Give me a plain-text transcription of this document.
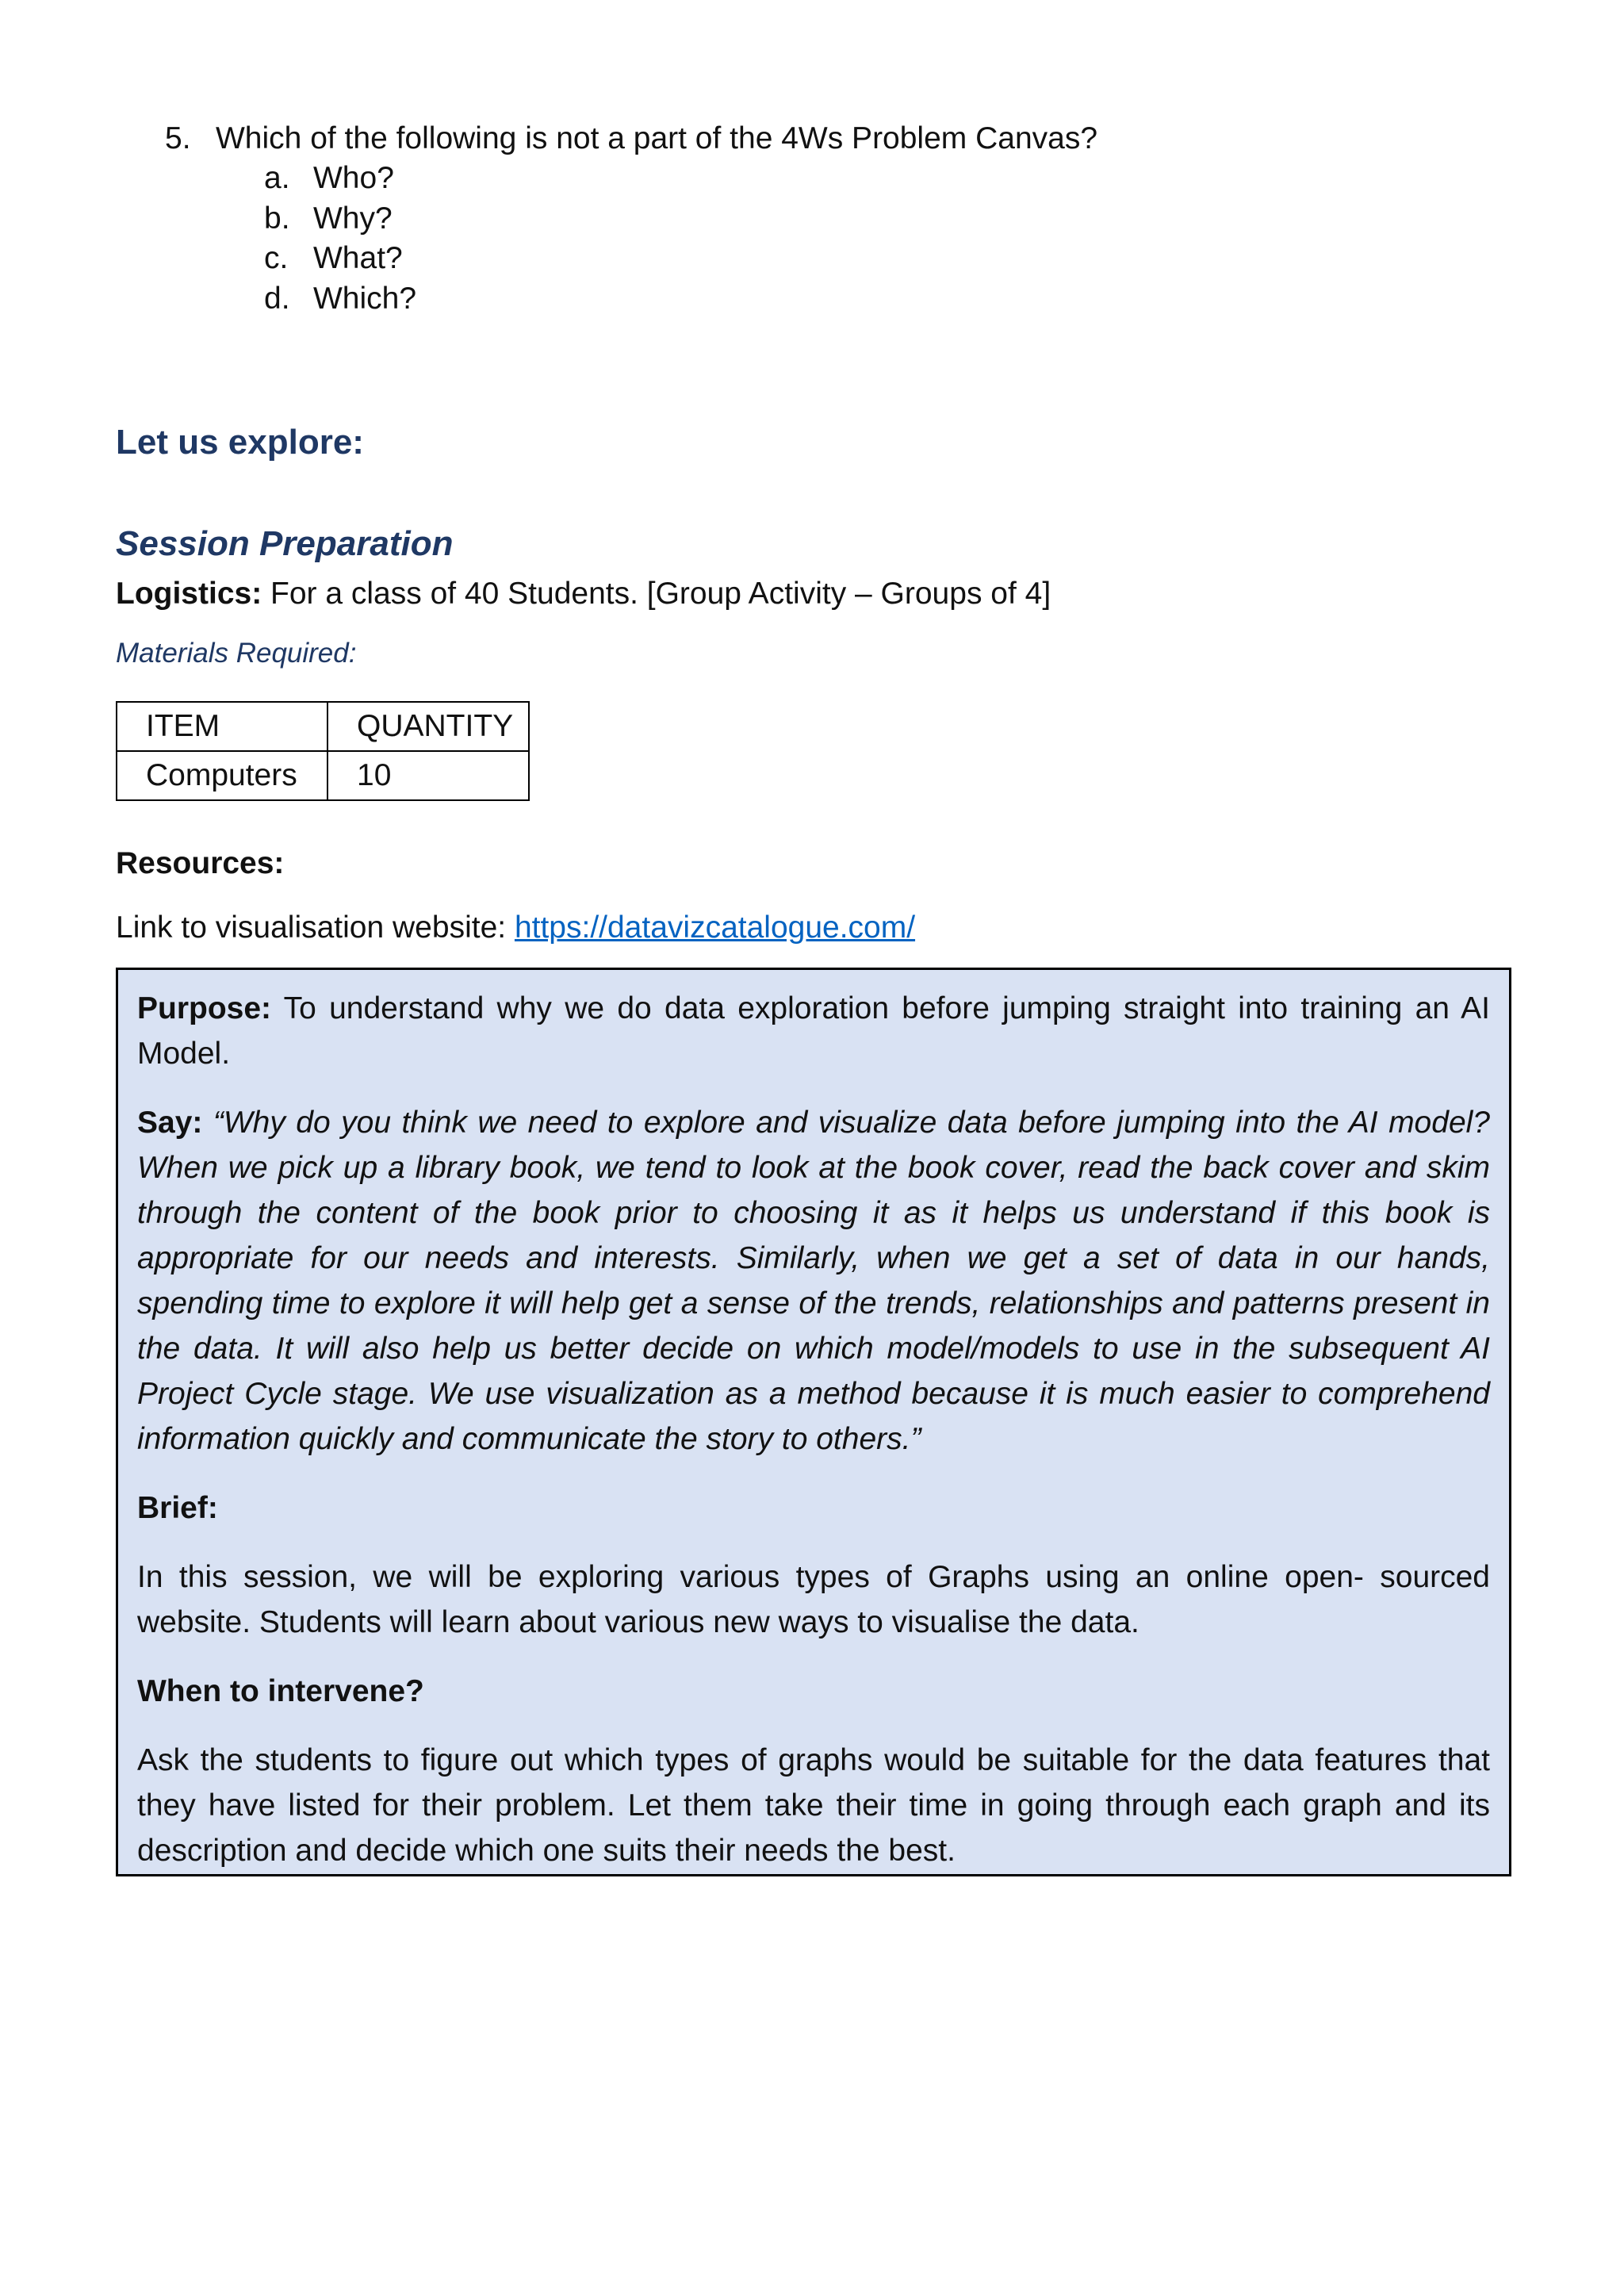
5. Which of the following is not a part of the 4Ws Problem Canvas?
a. Who?
b. Why?
c. What?
d. Which?
Let us explore:
Session Preparation
Logistics: For a class of 40 Students. [Group Activity – Groups of 4]
Materials Required:
ITEM	QUANTITY
Computers	10
Resources:
Link to visualisation website: https://datavizcatalogue.com/

Purpose: To understand why we do data exploration before jumping straight into training an AI Model.

Say: “Why do you think we need to explore and visualize data before jumping into the AI model? When we pick up a library book, we tend to look at the book cover, read the back cover and skim through the content of the book prior to choosing it as it helps us understand if this book is appropriate for our needs and interests. Similarly, when we get a set of data in our hands, spending time to explore it will help get a sense of the trends, relationships and patterns present in the data. It will also help us better decide on which model/models to use in the subsequent AI Project Cycle stage. We use visualization as a method because it is much easier to comprehend information quickly and communicate the story to others.”

Brief:

In this session, we will be exploring various types of Graphs using an online open- sourced website. Students will learn about various new ways to visualise the data.

When to intervene?

Ask the students to figure out which types of graphs would be suitable for the data features that they have listed for their problem. Let them take their time in going through each graph and its description and decide which one suits their needs the best.
